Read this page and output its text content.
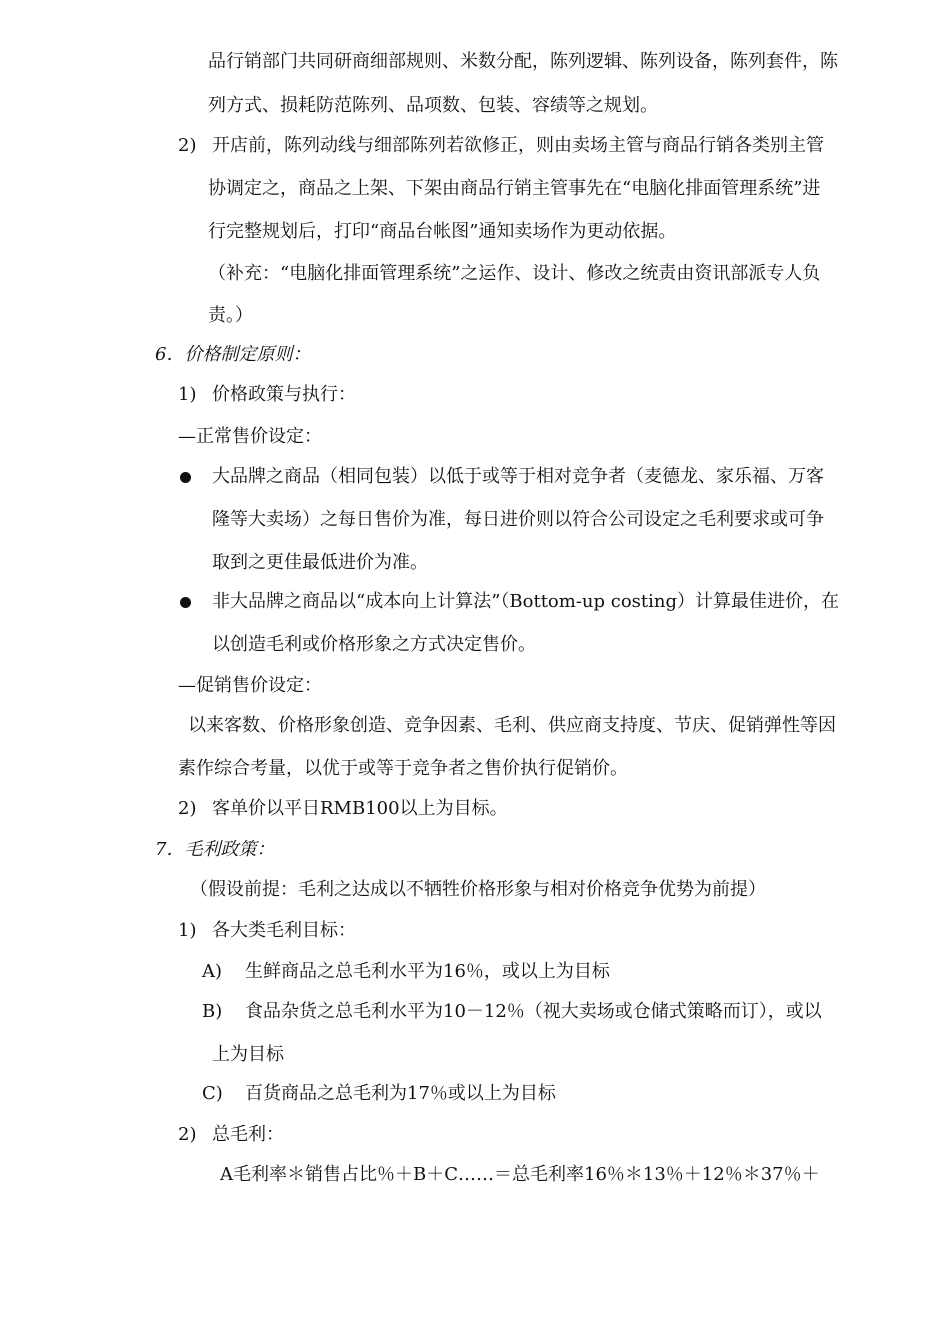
品行销部门共同研商细部规则、米数分配，陈列逻辑、陈列设备，陈列套件，陈
列方式、损耗防范陈列、品项数、包装、容绩等之规划。
2) 开店前，陈列动线与细部陈列若欲修正，则由卖场主管与商品行销各类别主管
协调定之，商品之上架、下架由商品行销主管事先在“电脑化排面管理系统”进
行完整规划后，打印“商品台帐图”通知卖场作为更动依据。
（补充：“电脑化排面管理系统”之运作、设计、修改之统责由资讯部派专人负
责。）
6．价格制定原则：
1) 价格政策与执行：
—正常售价设定：
大品牌之商品（相同包装）以低于或等于相对竞争者（麦德龙、家乐福、万客
隆等大卖场）之每日售价为准，每日进价则以符合公司设定之毛利要求或可争
取到之更佳最低进价为准。
非大品牌之商品以“成本向上计算法”（Bottom-up costing）计算最佳进价，在
以创造毛利或价格形象之方式决定售价。
—促销售价设定：
以来客数、价格形象创造、竞争因素、毛利、供应商支持度、节庆、促销弹性等因
素作综合考量，以优于或等于竞争者之售价执行促销价。
2) 客单价以平日RMB100以上为目标。
7．毛利政策：
（假设前提：毛利之达成以不牺牲价格形象与相对价格竞争优势为前提）
1) 各大类毛利目标：
A) 生鲜商品之总毛利水平为16％，或以上为目标
B) 食品杂货之总毛利水平为10－12％（视大卖场或仓储式策略而订），或以
上为目标
C) 百货商品之总毛利为17％或以上为目标
2) 总毛利：
A毛利率＊销售占比％＋B＋C……＝总毛利率16％＊13％＋12％＊37％＋
